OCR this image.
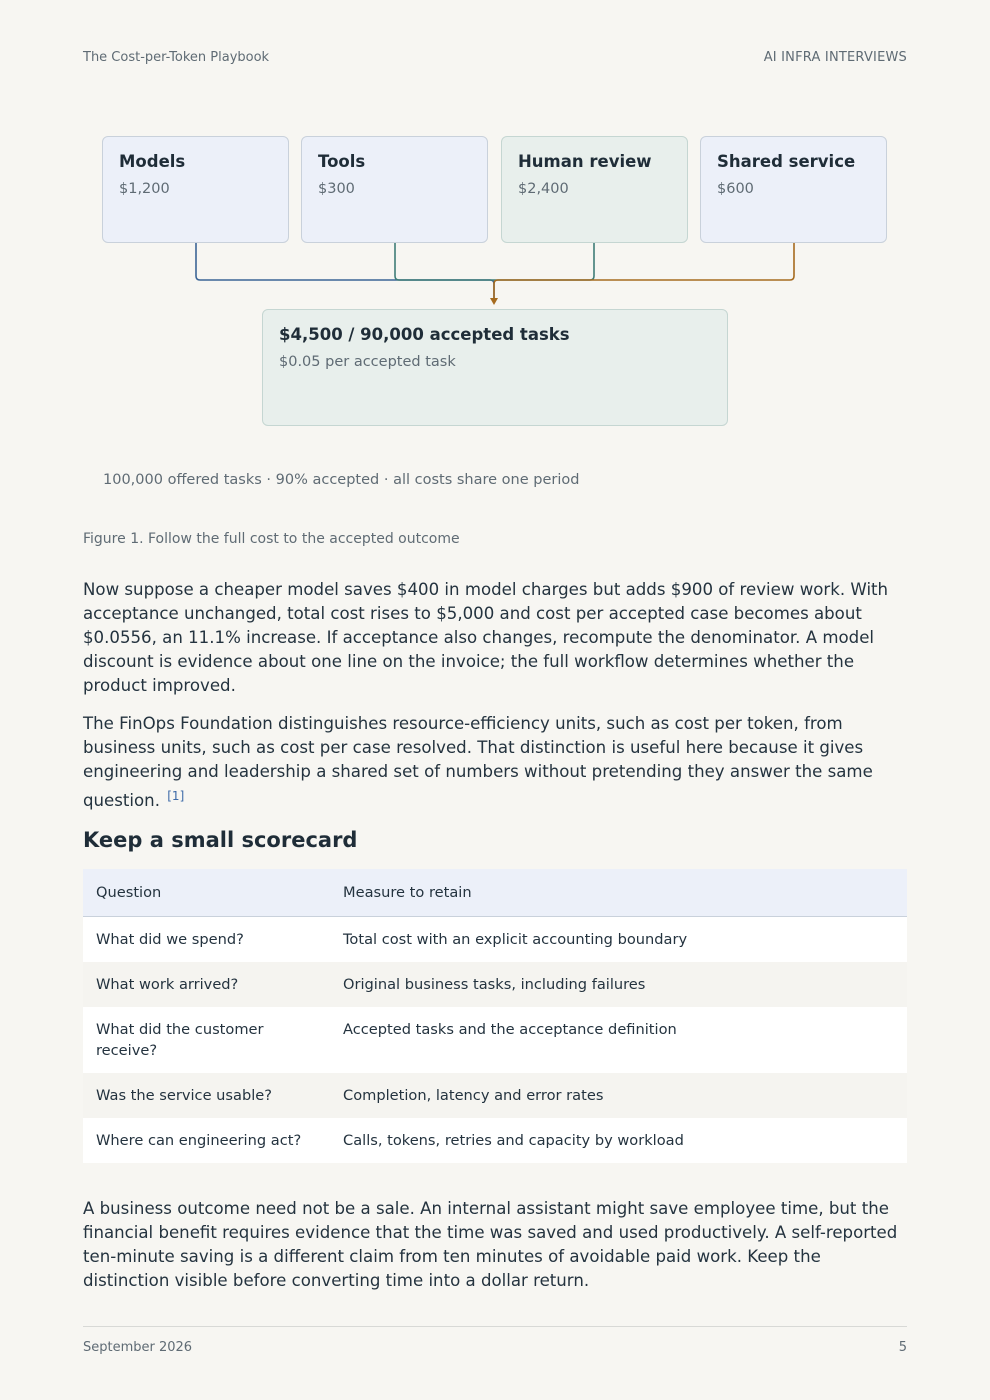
The Cost-per-Token Playbook	AI INFRA INTERVIEWS
Models
$1,200
Tools
$300
Human review
$2,400
Shared service
$600
$4,500 / 90,000 accepted tasks
$0.05 per accepted task
100,000 offered tasks · 90% accepted · all costs share one period
Figure 1. Follow the full cost to the accepted outcome

Now suppose a cheaper model saves $400 in model charges but adds $900 of review work. With acceptance unchanged, total cost rises to $5,000 and cost per accepted case becomes about $0.0556, an 11.1% increase. If acceptance also changes, recompute the denominator. A model discount is evidence about one line on the invoice; the full workflow determines whether the product improved.

The FinOps Foundation distinguishes resource-efficiency units, such as cost per token, from business units, such as cost per case resolved. That distinction is useful here because it gives engineering and leadership a shared set of numbers without pretending they answer the same question. [1]

Keep a small scorecard
Question	Measure to retain
What did we spend?	Total cost with an explicit accounting boundary
What work arrived?	Original business tasks, including failures
What did the customer receive?	Accepted tasks and the acceptance definition
Was the service usable?	Completion, latency and error rates
Where can engineering act?	Calls, tokens, retries and capacity by workload

A business outcome need not be a sale. An internal assistant might save employee time, but the financial benefit requires evidence that the time was saved and used productively. A self-reported ten-minute saving is a different claim from ten minutes of avoidable paid work. Keep the distinction visible before converting time into a dollar return.

September 2026	5
